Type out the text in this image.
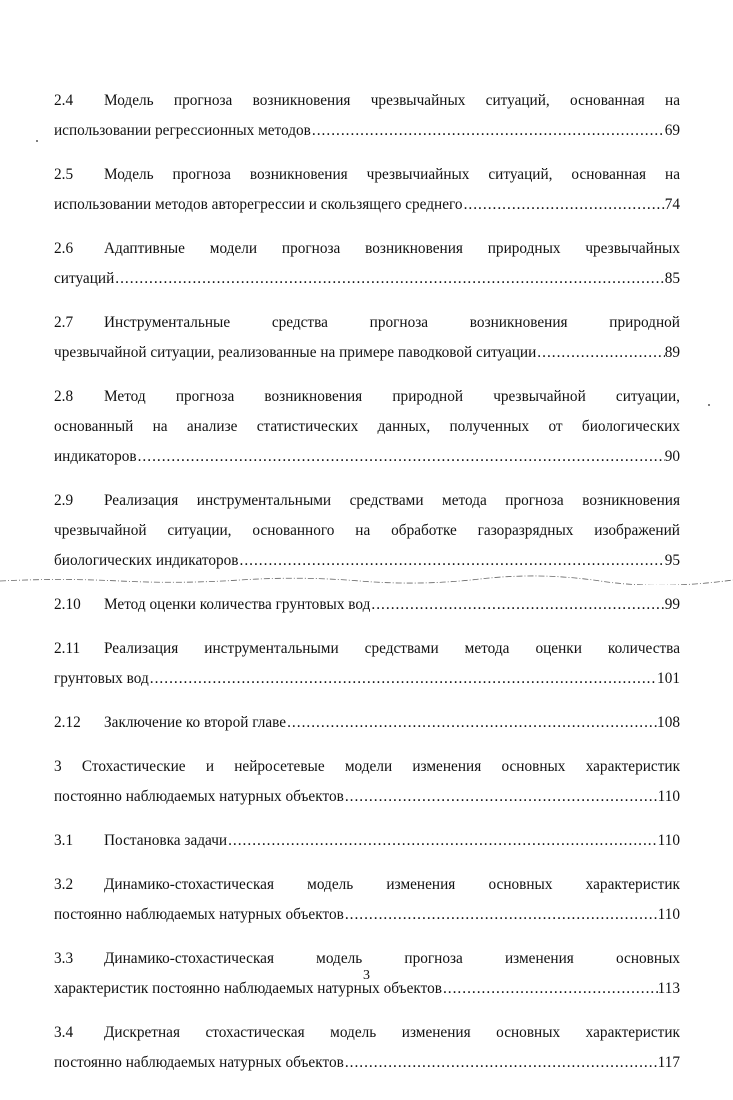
2.4	Модель прогноза возникновения чрезвычайных ситуаций, основанная на
использовании регрессионных методов .....	69
2.5	Модель прогноза возникновения чрезвычиайных ситуаций, основанная на
использовании методов авторегрессии и скользящего среднего .....	74
2.6	Адаптивные модели прогноза возникновения природных чрезвычайных
ситуаций .....	85
2.7	Инструментальные средства прогноза возникновения природной
чрезвычайной ситуации, реализованные на примере паводковой ситуации .....	89
2.8	Метод прогноза возникновения природной чрезвычайной ситуации,
основанный на анализе статистических данных, полученных от биологических
индикаторов .....	90
2.9	Реализация инструментальными средствами метода прогноза возникновения
чрезвычайной ситуации, основанного на обработке газоразрядных изображений
биологических индикаторов .....	95
2.10	Метод оценки количества грунтовых вод .....	99
2.11	Реализация инструментальными средствами метода оценки количества
грунтовых вод .....	101
2.12	Заключение ко второй главе .....	108
3 Стохастические и нейросетевые модели изменения основных характеристик
постоянно наблюдаемых натурных объектов .....	110
3.1	Постановка задачи .....	110
3.2	Динамико-стохастическая модель изменения основных характеристик
постоянно наблюдаемых натурных объектов .....	110
3.3	Динамико-стохастическая модель прогноза изменения основных
характеристик постоянно наблюдаемых натурных объектов .....	113
3.4	Дискретная стохастическая модель изменения основных характеристик
постоянно наблюдаемых натурных объектов .....	117
3
